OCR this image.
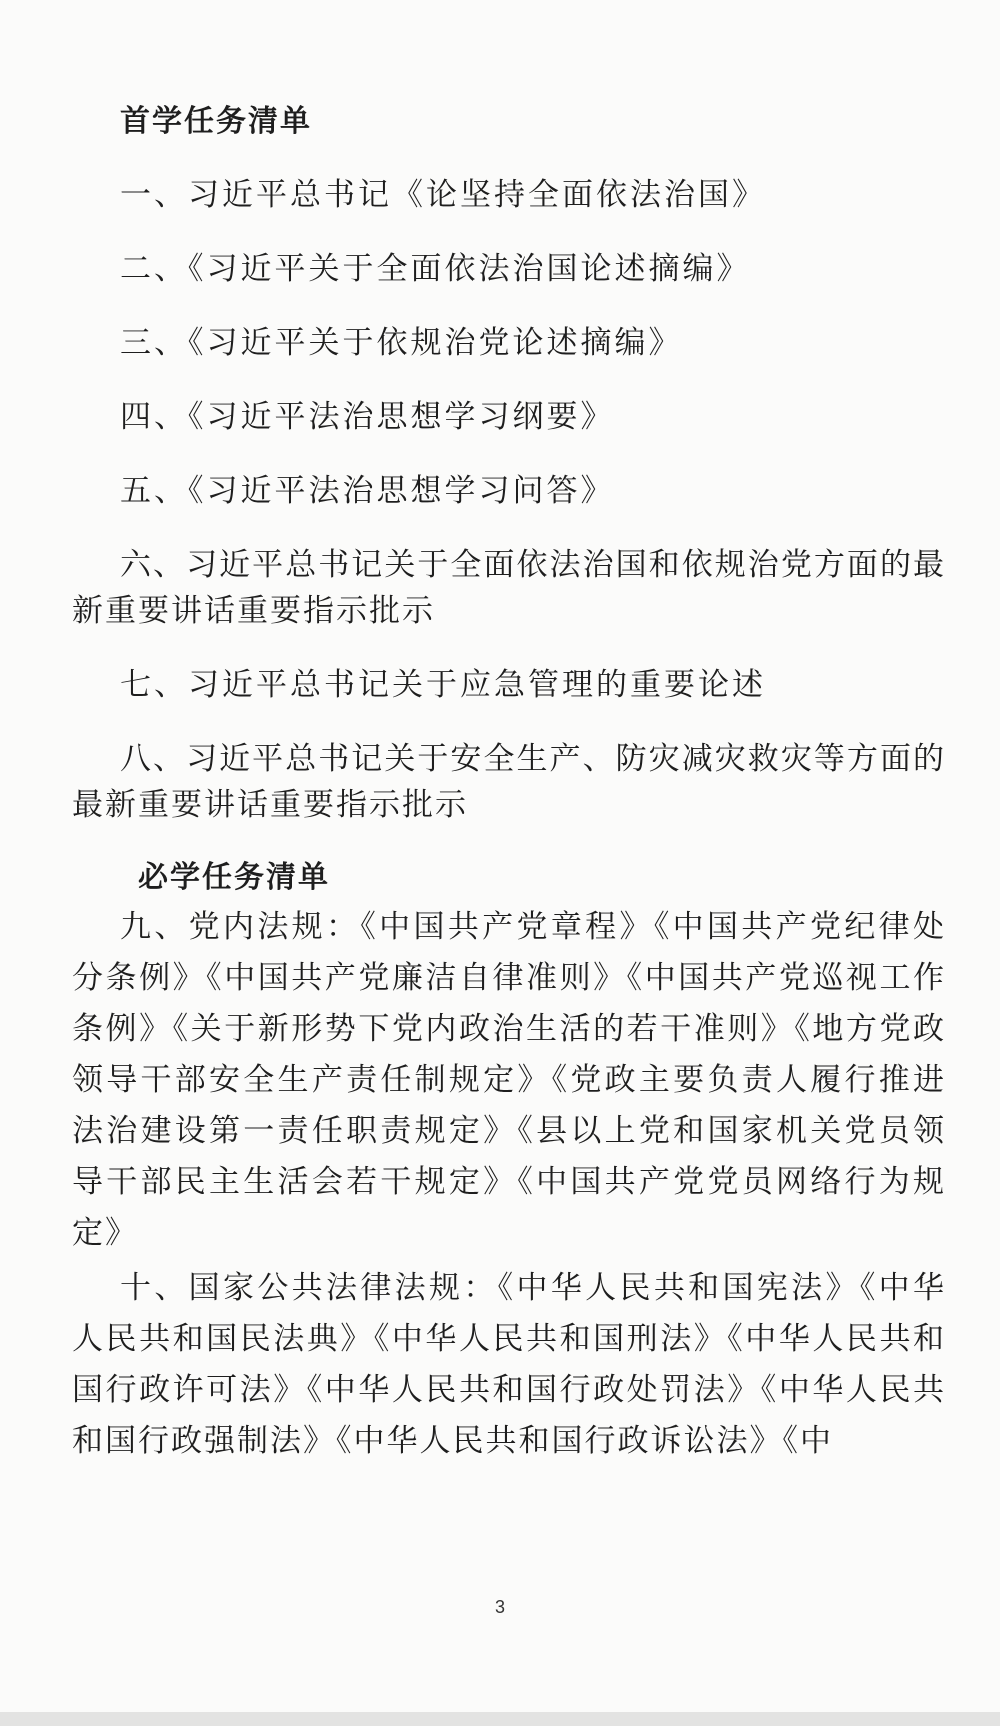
首学任务清单
一、习近平总书记《论坚持全面依法治国》
二、《习近平关于全面依法治国论述摘编》
三、《习近平关于依规治党论述摘编》
四、《习近平法治思想学习纲要》
五、《习近平法治思想学习问答》
六、习近平总书记关于全面依法治国和依规治党方面的最新重要讲话重要指示批示
七、习近平总书记关于应急管理的重要论述
八、习近平总书记关于安全生产、防灾减灾救灾等方面的最新重要讲话重要指示批示
必学任务清单
九、党内法规：《中国共产党章程》《中国共产党纪律处分条例》《中国共产党廉洁自律准则》《中国共产党巡视工作条例》《关于新形势下党内政治生活的若干准则》《地方党政领导干部安全生产责任制规定》《党政主要负责人履行推进法治建设第一责任职责规定》《县以上党和国家机关党员领导干部民主生活会若干规定》《中国共产党党员网络行为规定》
十、国家公共法律法规：《中华人民共和国宪法》《中华人民共和国民法典》《中华人民共和国刑法》《中华人民共和国行政许可法》《中华人民共和国行政处罚法》《中华人民共和国行政强制法》《中华人民共和国行政诉讼法》《中
3
